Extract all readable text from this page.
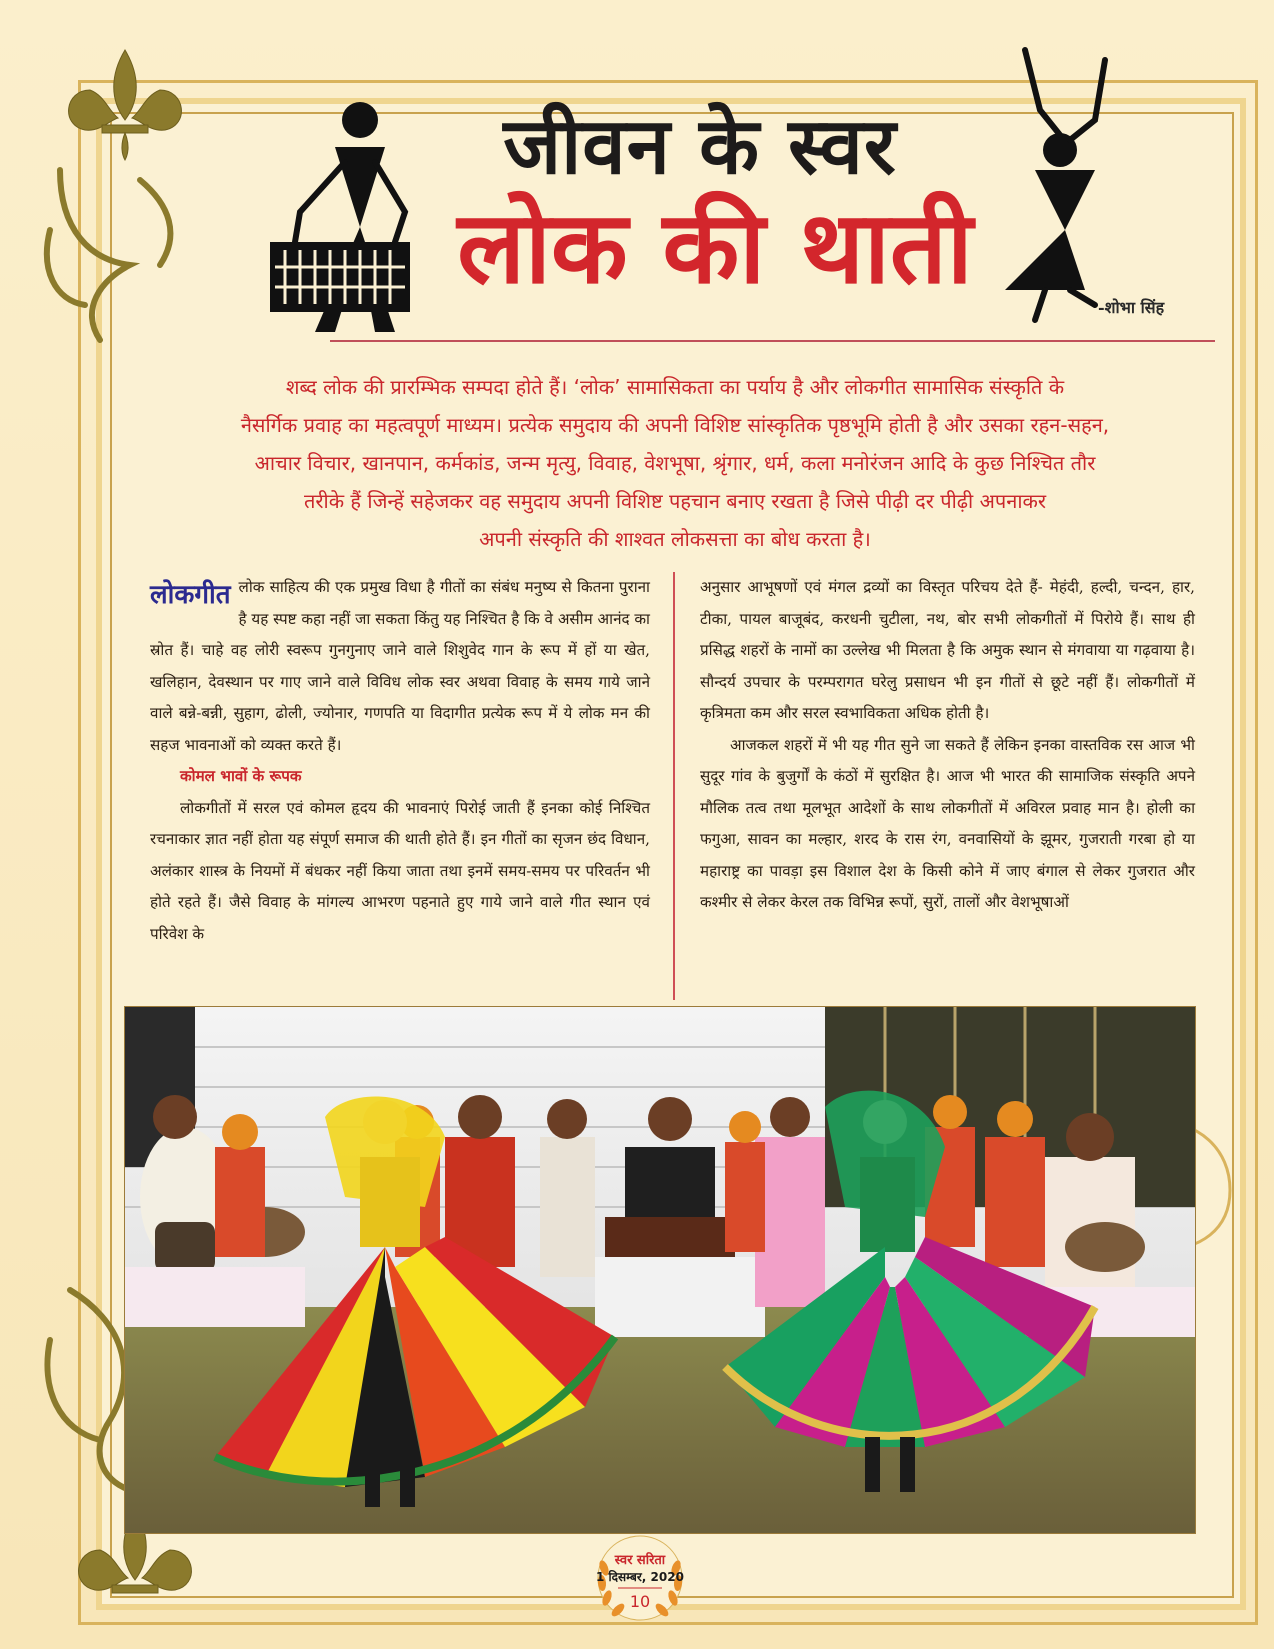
जीवन के स्वर
लोक की थाती
-शोभा सिंह
शब्द लोक की प्रारम्भिक सम्पदा होते हैं। ‘लोक’ सामासिकता का पर्याय है और लोकगीत सामासिक संस्कृति के
नैसर्गिक प्रवाह का महत्वपूर्ण माध्यम। प्रत्येक समुदाय की अपनी विशिष्ट सांस्कृतिक पृष्ठभूमि होती है और उसका रहन-सहन,
आचार विचार, खानपान, कर्मकांड, जन्म मृत्यु, विवाह, वेशभूषा, श्रृंगार, धर्म, कला मनोरंजन आदि के कुछ निश्चित तौर
तरीके हैं जिन्हें सहेजकर वह समुदाय अपनी विशिष्ट पहचान बनाए रखता है जिसे पीढ़ी दर पीढ़ी अपनाकर
अपनी संस्कृति की शाश्वत लोकसत्ता का बोध करता है।

लोकगीत लोक साहित्य की एक प्रमुख विधा है गीतों का संबंध मनुष्य से कितना पुराना है यह स्पष्ट कहा नहीं जा सकता किंतु यह निश्चित है कि वे असीम आनंद का स्रोत हैं। चाहे वह लोरी स्वरूप गुनगुनाए जाने वाले शिशुवेद गान के रूप में हों या खेत, खलिहान, देवस्थान पर गाए जाने वाले विविध लोक स्वर अथवा विवाह के समय गाये जाने वाले बन्ने-बन्नी, सुहाग, ढोली, ज्योनार, गणपति या विदागीत प्रत्येक रूप में ये लोक मन की सहज भावनाओं को व्यक्त करते हैं।

कोमल भावों के रूपक

लोकगीतों में सरल एवं कोमल हृदय की भावनाएं पिरोई जाती हैं इनका कोई निश्चित रचनाकार ज्ञात नहीं होता यह संपूर्ण समाज की थाती होते हैं। इन गीतों का सृजन छंद विधान, अलंकार शास्त्र के नियमों में बंधकर नहीं किया जाता तथा इनमें समय-समय पर परिवर्तन भी होते रहते हैं। जैसे विवाह के मांगल्य आभरण पहनाते हुए गाये जाने वाले गीत स्थान एवं परिवेश के

अनुसार आभूषणों एवं मंगल द्रव्यों का विस्तृत परिचय देते हैं- मेहंदी, हल्दी, चन्दन, हार, टीका, पायल बाजूबंद, करधनी चुटीला, नथ, बोर सभी लोकगीतों में पिरोये हैं। साथ ही प्रसिद्ध शहरों के नामों का उल्लेख भी मिलता है कि अमुक स्थान से मंगवाया या गढ़वाया है। सौन्दर्य उपचार के परम्परागत घरेलु प्रसाधन भी इन गीतों से छूटे नहीं हैं। लोकगीतों में कृत्रिमता कम और सरल स्वभाविकता अधिक होती है।

आजकल शहरों में भी यह गीत सुने जा सकते हैं लेकिन इनका वास्तविक रस आज भी सुदूर गांव के बुजुर्गों के कंठों में सुरक्षित है। आज भी भारत की सामाजिक संस्कृति अपने मौलिक तत्व तथा मूलभूत आदेशों के साथ लोकगीतों में अविरल प्रवाह मान है। होली का फगुआ, सावन का मल्हार, शरद के रास रंग, वनवासियों के झूमर, गुजराती गरबा हो या महाराष्ट्र का पावड़ा इस विशाल देश के किसी कोने में जाए बंगाल से लेकर गुजरात और कश्मीर से लेकर केरल तक विभिन्न रूपों, सुरों, तालों और वेशभूषाओं

स्वर सरिता
1 दिसम्बर, 2020
10
